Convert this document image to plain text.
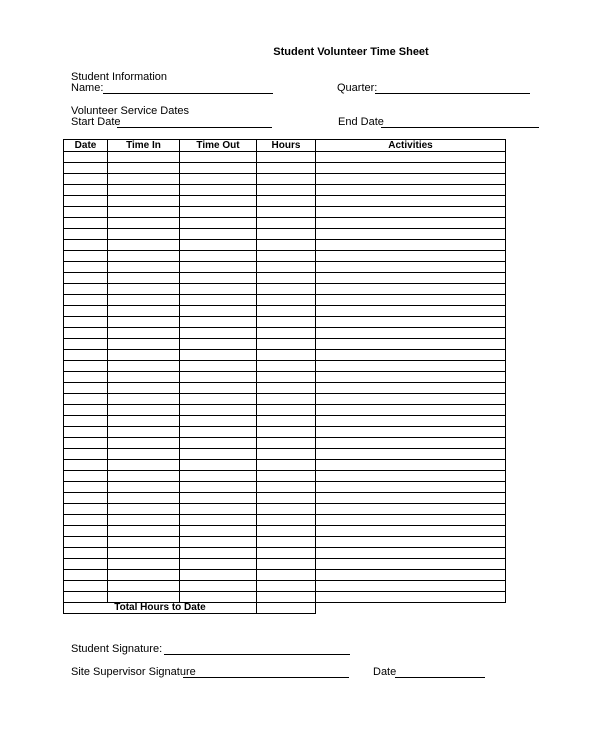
Student Volunteer Time Sheet
Student Information
Name:	Quarter:
Volunteer Service Dates
Start Date	End Date
Date	Time In	Time Out	Hours	Activities

Total Hours to Date				
Student Signature:
Site Supervisor Signature	Date
